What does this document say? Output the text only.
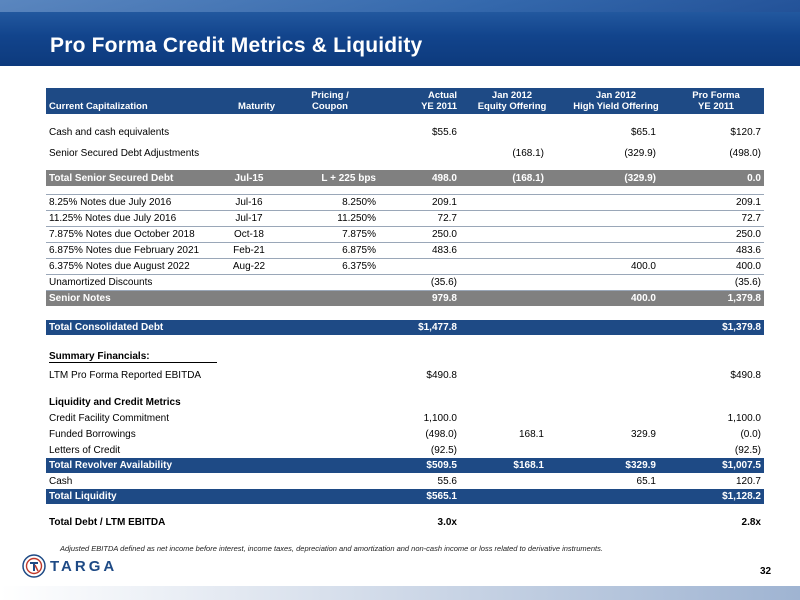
Pro Forma Credit Metrics & Liquidity
		Pricing /	Actual	Jan 2012	Jan 2012	Pro Forma
Current Capitalization	Maturity	Coupon	YE 2011	Equity Offering	High Yield Offering	YE 2011

Cash and cash equivalents			$55.6		$65.1	$120.7
Senior Secured Debt Adjustments				(168.1)	(329.9)	(498.0)

Total Senior Secured Debt	Jul-15	L + 225 bps	498.0	(168.1)	(329.9)	0.0

8.25% Notes due July 2016	Jul-16	8.250%	209.1			209.1
11.25% Notes due July 2016	Jul-17	11.250%	72.7			72.7
7.875% Notes due October 2018	Oct-18	7.875%	250.0			250.0
6.875% Notes due February 2021	Feb-21	6.875%	483.6			483.6
6.375% Notes due August 2022	Aug-22	6.375%			400.0	400.0
Unamortized Discounts			(35.6)			(35.6)
Senior Notes			979.8		400.0	1,379.8

Total Consolidated Debt			$1,477.8			$1,379.8

Summary Financials:						
LTM Pro Forma Reported EBITDA			$490.8			$490.8

Liquidity and Credit Metrics						
Credit Facility Commitment			1,100.0			1,100.0
Funded Borrowings			(498.0)	168.1	329.9	(0.0)
Letters of Credit			(92.5)			(92.5)
Total Revolver Availability			$509.5	$168.1	$329.9	$1,007.5
Cash			55.6		65.1	120.7
Total Liquidity			$565.1			$1,128.2

Total Debt / LTM EBITDA			3.0x			2.8x
Adjusted EBITDA defined as net income before interest, income taxes, depreciation and amortization and non-cash income or loss related to derivative instruments.
TARGA	32
